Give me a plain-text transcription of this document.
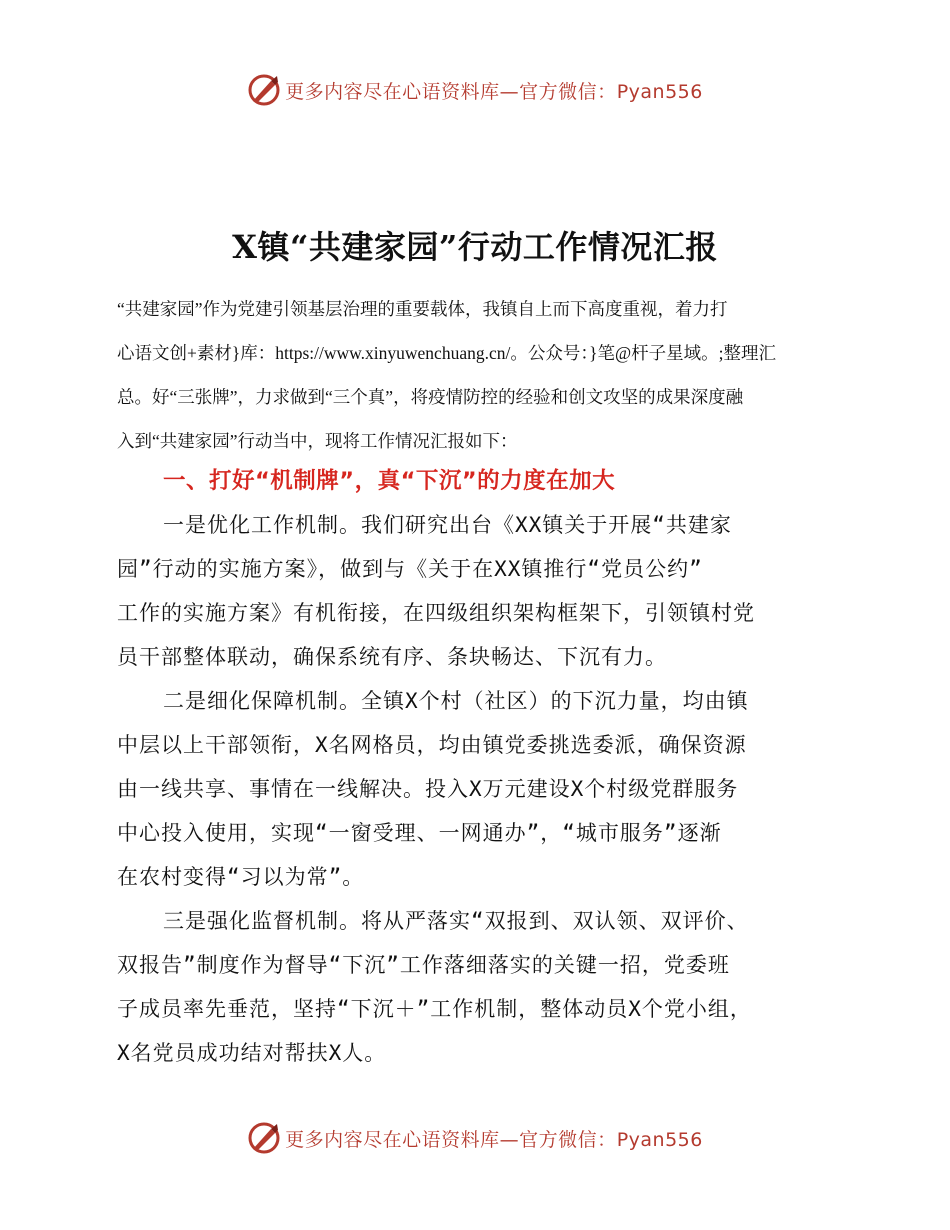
更多内容尽在心语资料库—官方微信：Pyan556
X镇“共建家园”行动工作情况汇报
“共建家园”作为党建引领基层治理的重要载体，我镇自上而下高度重视，着力打
心语文创+素材}库：https://www.xinyuwenchuang.cn/。公众号：}笔@杆子星域。;整理汇
总。好“三张牌”，力求做到“三个真”，将疫情防控的经验和创文攻坚的成果深度融
入到“共建家园”行动当中，现将工作情况汇报如下：
一、打好“机制牌”，真“下沉”的力度在加大
一是优化工作机制。我们研究出台《XX镇关于开展“共建家
园”行动的实施方案》，做到与《关于在XX镇推行“党员公约”
工作的实施方案》有机衔接，在四级组织架构框架下，引领镇村党
员干部整体联动，确保系统有序、条块畅达、下沉有力。
二是细化保障机制。全镇X个村（社区）的下沉力量，均由镇
中层以上干部领衔，X名网格员，均由镇党委挑选委派，确保资源
由一线共享、事情在一线解决。投入X万元建设X个村级党群服务
中心投入使用，实现“一窗受理、一网通办”，“城市服务”逐渐
在农村变得“习以为常”。
三是强化监督机制。将从严落实“双报到、双认领、双评价、
双报告”制度作为督导“下沉”工作落细落实的关键一招，党委班
子成员率先垂范，坚持“下沉＋”工作机制，整体动员X个党小组，
X名党员成功结对帮扶X人。
更多内容尽在心语资料库—官方微信：Pyan556
